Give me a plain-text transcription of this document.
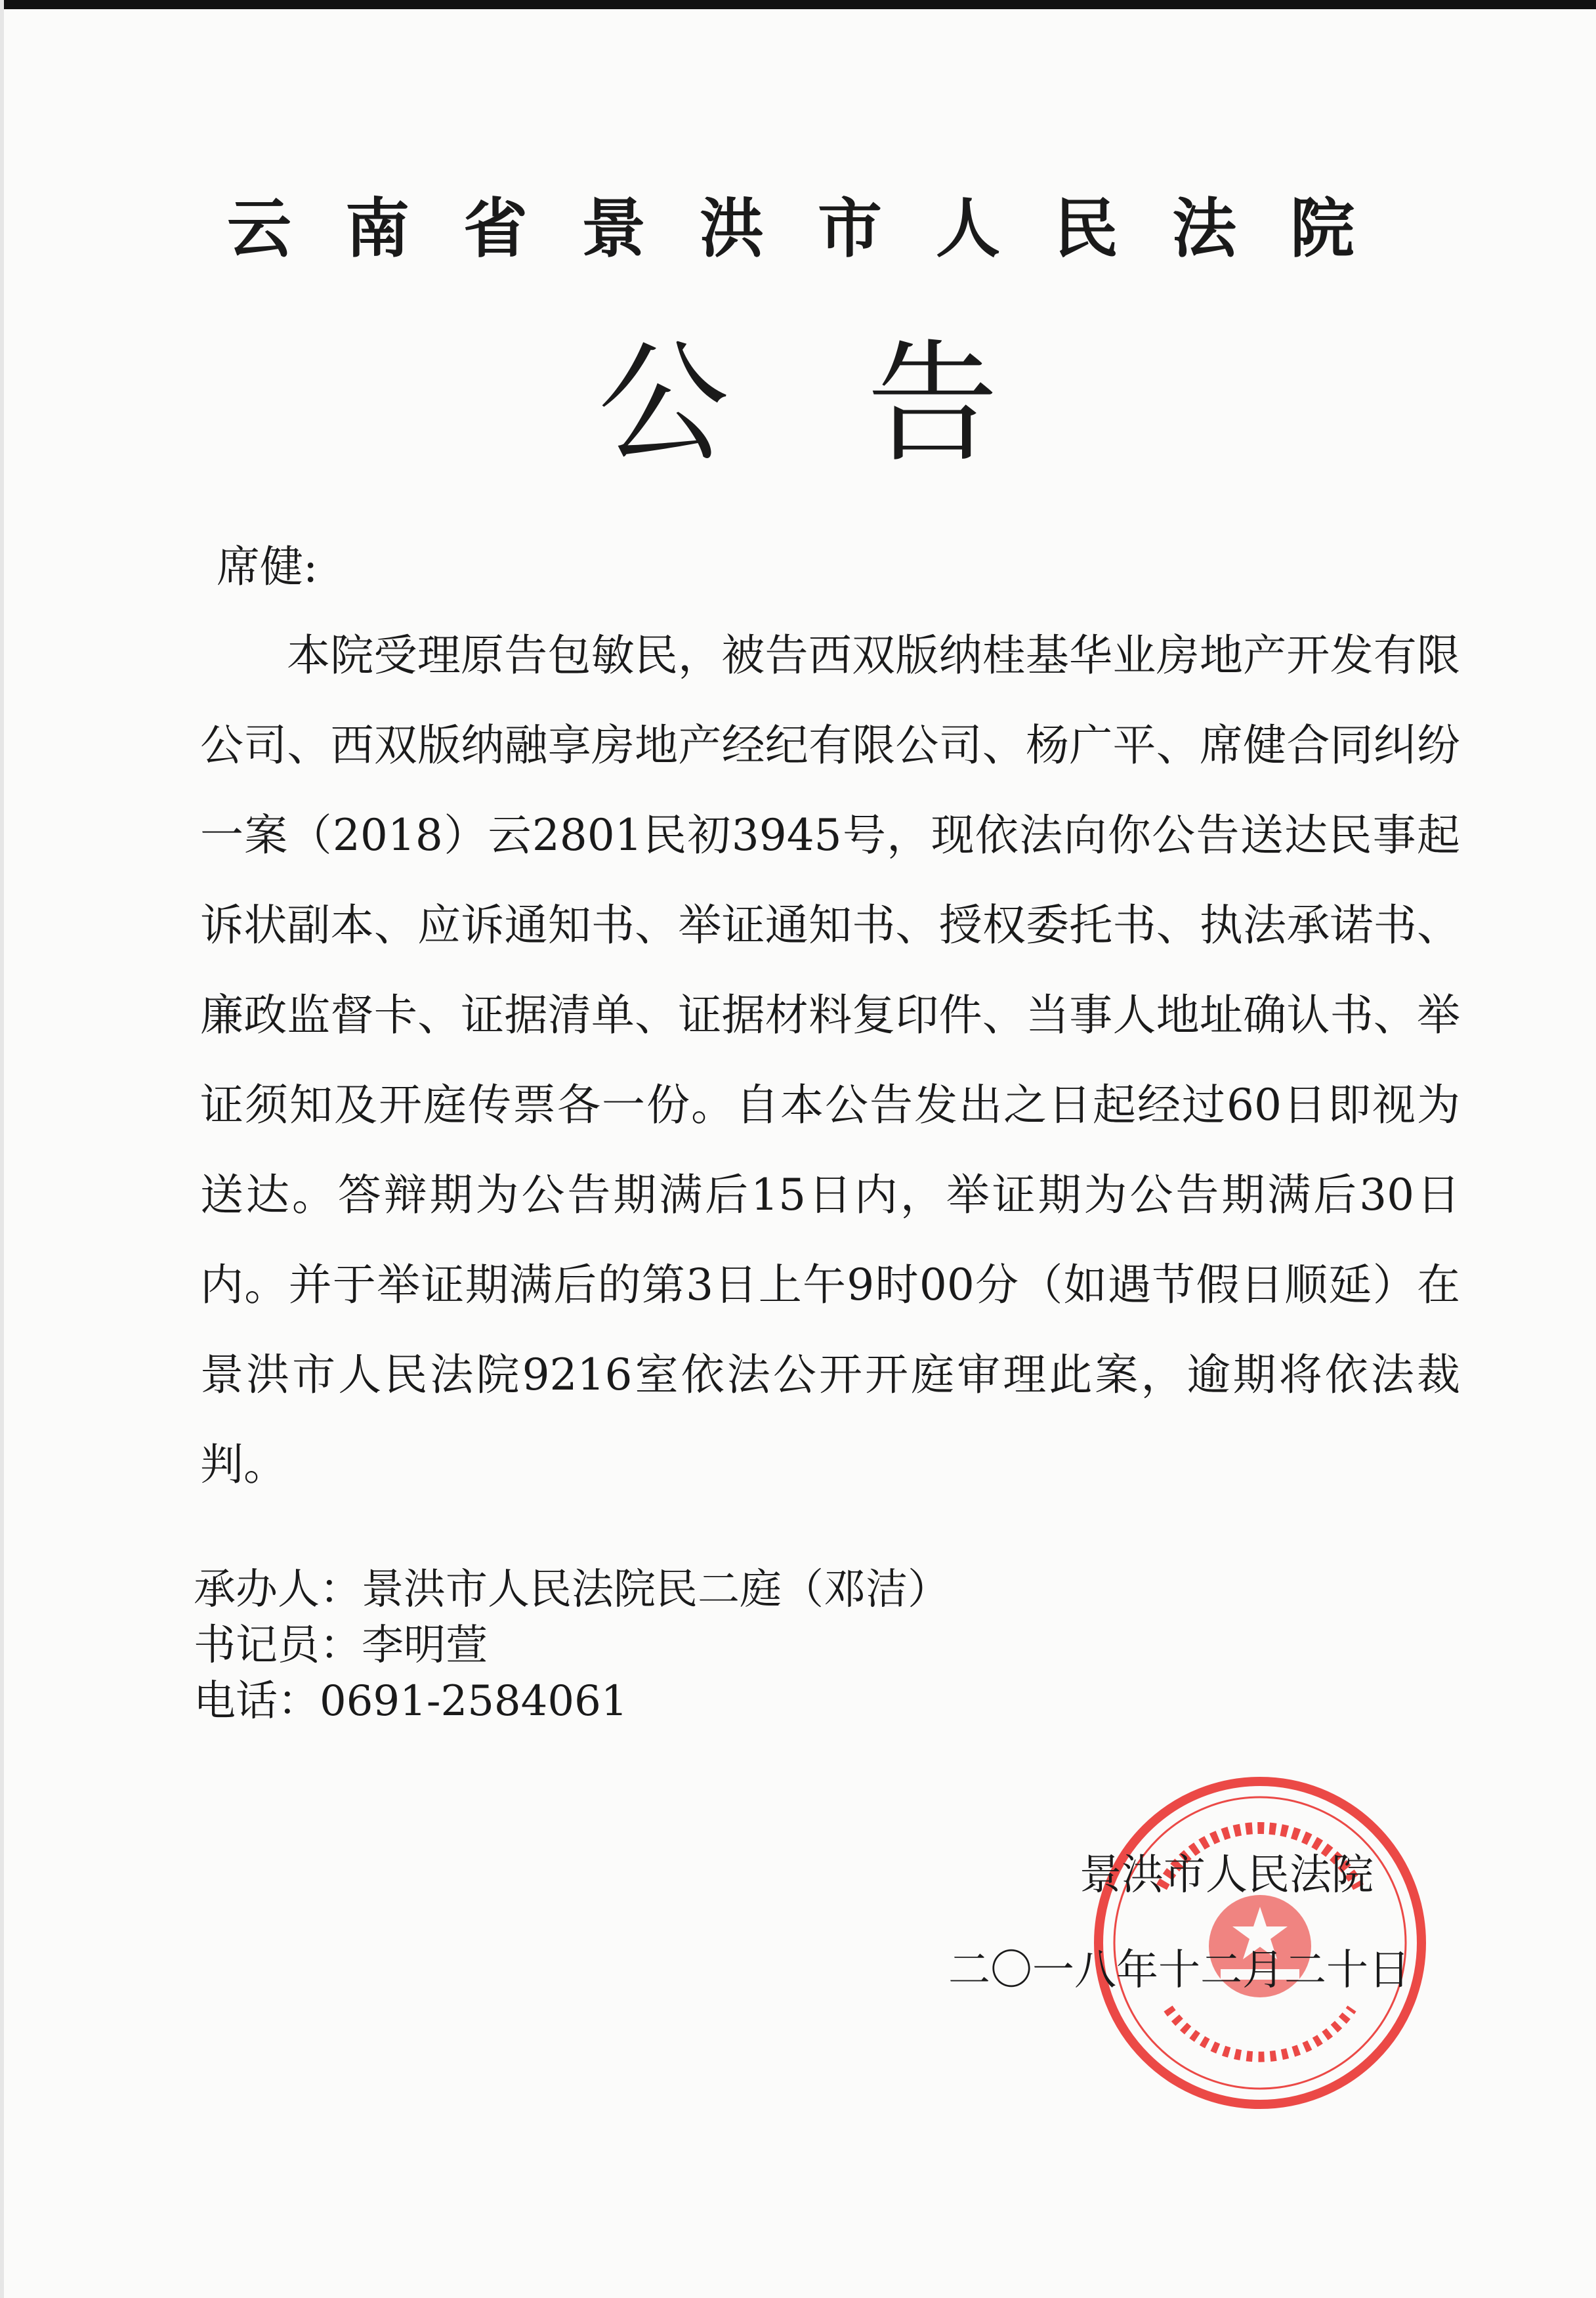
云南省景洪市人民法院
公告
席健:

本院受理原告包敏民，被告西双版纳桂基华业房地产开发有限公司、西双版纳融享房地产经纪有限公司、杨广平、席健合同纠纷一案（2018）云2801民初3945号，现依法向你公告送达民事起诉状副本、应诉通知书、举证通知书、授权委托书、执法承诺书、廉政监督卡、证据清单、证据材料复印件、当事人地址确认书、举证须知及开庭传票各一份。自本公告发出之日起经过60日即视为送达。答辩期为公告期满后15日内，举证期为公告期满后30日内。并于举证期满后的第3日上午9时00分（如遇节假日顺延）在景洪市人民法院9216室依法公开开庭审理此案，逾期将依法裁判。

承办人：景洪市人民法院民二庭（邓洁）
书记员：李明萱
电话：0691-2584061
景洪市人民法院
二〇一八年十二月二十日
